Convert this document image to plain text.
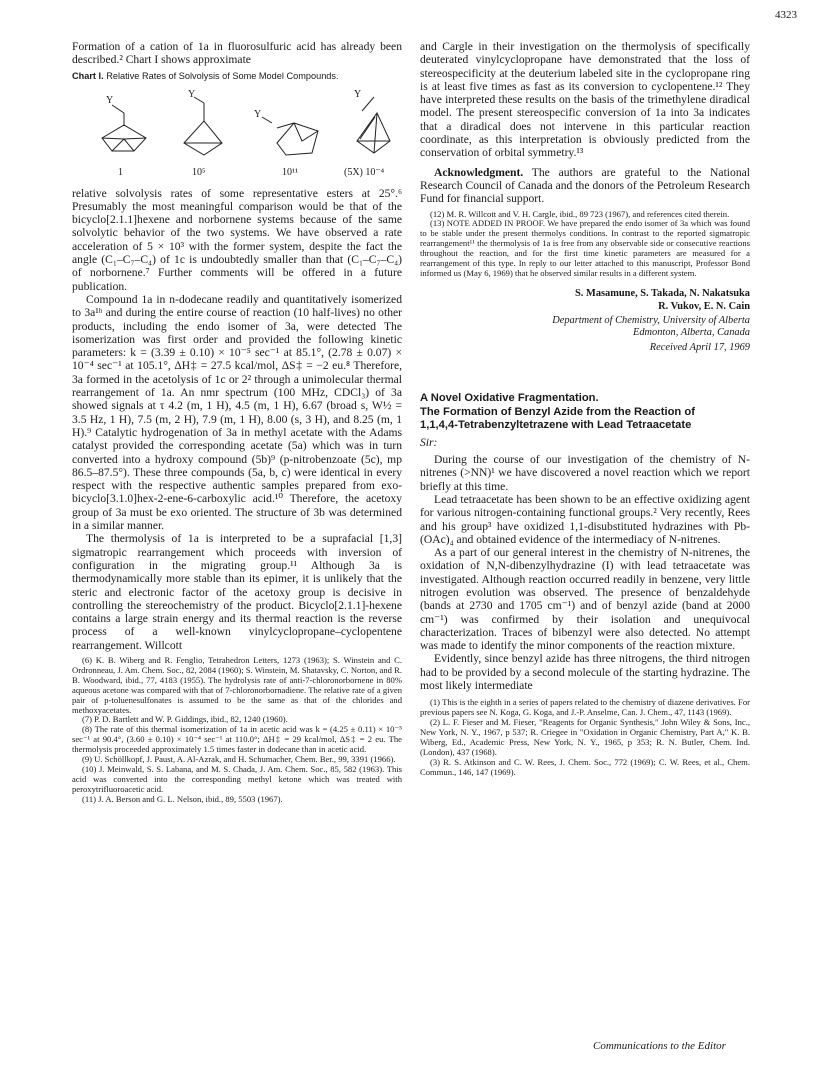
4323

Formation of a cation of 1a in fluorosulfuric acid has already been described.² Chart I shows approximate

Chart I. Relative Rates of Solvolysis of Some Model Compounds.

Y
Y
Y
Y
1	10⁵	10¹¹	(5X) 10⁻⁴

relative solvolysis rates of some representative esters at 25°.⁶ Presumably the most meaningful comparison would be that of the bicyclo[2.1.1]hexene and norbornene systems because of the same solvolytic behavior of the two systems. We have observed a rate acceleration of 5 × 10³ with the former system, despite the fact the angle (C₁–C₇–C₄) of 1c is undoubtedly smaller than that (C₁–C₇–C₄) of norbornene.⁷ Further comments will be offered in a future publication.

Compound 1a in n-dodecane readily and quantitatively isomerized to 3a¹ᵇ and during the entire course of reaction (10 half-lives) no other products, including the endo isomer of 3a, were detected The isomerization was first order and provided the following kinetic parameters: k = (3.39 ± 0.10) × 10⁻⁵ sec⁻¹ at 85.1°, (2.78 ± 0.07) × 10⁻⁴ sec⁻¹ at 105.1°, ΔH‡ = 27.5 kcal/mol, ΔS‡ = −2 eu.⁸ Therefore, 3a formed in the acetolysis of 1c or 2² through a unimolecular thermal rearrangement of 1a. An nmr spectrum (100 MHz, CDCl₃) of 3a showed signals at τ 4.2 (m, 1 H), 4.5 (m, 1 H), 6.67 (broad s, W½ = 3.5 Hz, 1 H), 7.5 (m, 2 H), 7.9 (m, 1 H), 8.00 (s, 3 H), and 8.25 (m, 1 H).⁹ Catalytic hydrogenation of 3a in methyl acetate with the Adams catalyst provided the corresponding acetate (5a) which was in turn converted into a hydroxy compound (5b)⁹ (p-nitrobenzoate (5c), mp 86.5–87.5°). These three compounds (5a, b, c) were identical in every respect with the respective authentic samples prepared from exo-bicyclo[3.1.0]hex-2-ene-6-carboxylic acid.¹⁰ Therefore, the acetoxy group of 3a must be exo oriented. The structure of 3b was determined in a similar manner.

The thermolysis of 1a is interpreted to be a suprafacial [1,3] sigmatropic rearrangement which proceeds with inversion of configuration in the migrating group.¹¹ Although 3a is thermodynamically more stable than its epimer, it is unlikely that the steric and electronic factor of the acetoxy group is decisive in controlling the stereochemistry of the product. Bicyclo[2.1.1]-hexene contains a large strain energy and its thermal reaction is the reverse process of a well-known vinylcyclopropane–cyclopentene rearrangement. Willcott

(6) K. B. Wiberg and R. Fenglio, Tetrahedron Letters, 1273 (1963); S. Winstein and C. Ordronneau, J. Am. Chem. Soc., 82, 2084 (1960); S. Winstein, M. Shatavsky, C. Norton, and R. B. Woodward, ibid., 77, 4183 (1955). The hydrolysis rate of anti-7-chloronorbornene in 80% aqueous acetone was compared with that of 7-chloronorbornadiene. The relative rate of a given pair of p-toluenesulfonates is assumed to be the same as that of the chlorides and methoxyacetates.

(7) P. D. Bartlett and W. P. Giddings, ibid., 82, 1240 (1960).

(8) The rate of this thermal isomerization of 1a in acetic acid was k = (4.25 ± 0.11) × 10⁻⁵ sec⁻¹ at 90.4°, (3.60 ± 0.10) × 10⁻⁴ sec⁻¹ at 110.0°; ΔH‡ = 29 kcal/mol, ΔS‡ = 2 eu. The thermolysis proceeded approximately 1.5 times faster in dodecane than in acetic acid.

(9) U. Schöllkopf, J. Paust, A. Al-Azrak, and H. Schumacher, Chem. Ber., 99, 3391 (1966).

(10) J. Meinwald, S. S. Labana, and M. S. Chada, J. Am. Chem. Soc., 85, 582 (1963). This acid was converted into the corresponding methyl ketone which was treated with peroxytrifluoroacetic acid.

(11) J. A. Berson and G. L. Nelson, ibid., 89, 5503 (1967).

and Cargle in their investigation on the thermolysis of specifically deuterated vinylcyclopropane have demonstrated that the loss of stereospecificity at the deuterium labeled site in the cyclopropane ring is at least five times as fast as its conversion to cyclopentene.¹² They have interpreted these results on the basis of the trimethylene diradical model. The present stereospecific conversion of 1a into 3a indicates that a diradical does not intervene in this particular reaction coordinate, as this interpretation is obviously predicted from the conservation of orbital symmetry.¹³

Acknowledgment. The authors are grateful to the National Research Council of Canada and the donors of the Petroleum Research Fund for financial support.

(12) M. R. Willcott and V. H. Cargle, ibid., 89 723 (1967), and references cited therein.

(13) NOTE ADDED IN PROOF. We have prepared the endo isomer of 3a which was found to be stable under the present thermolys conditions. In contrast to the reported sigmatropic rearrangement¹¹ the thermolysis of 1a is free from any observable side or consecutive reactions throughout the reaction, and for the first time kinetic parameters are measured for a rearrangement of this type. In reply to our letter attached to this manuscript, Professor Bond informed us (May 6, 1969) that he observed similar results in a different system.

S. Masamune, S. Takada, N. Nakatsuka

R. Vukov, E. N. Cain

Department of Chemistry, University of Alberta

Edmonton, Alberta, Canada

Received April 17, 1969

A Novel Oxidative Fragmentation.

The Formation of Benzyl Azide from the Reaction of

1,1,4,4-Tetrabenzyltetrazene with Lead Tetraacetate

Sir:

During the course of our investigation of the chemistry of N-nitrenes (>NN)¹ we have discovered a novel reaction which we report briefly at this time.

Lead tetraacetate has been shown to be an effective oxidizing agent for various nitrogen-containing functional groups.² Very recently, Rees and his group³ have oxidized 1,1-disubstituted hydrazines with Pb-(OAc)₄ and obtained evidence of the intermediacy of N-nitrenes.

As a part of our general interest in the chemistry of N-nitrenes, the oxidation of N,N-dibenzylhydrazine (I) with lead tetraacetate was investigated. Although reaction occurred readily in benzene, very little nitrogen evolution was observed. The presence of benzaldehyde (bands at 2730 and 1705 cm⁻¹) and of benzyl azide (band at 2000 cm⁻¹) was confirmed by their isolation and unequivocal characterization. Traces of bibenzyl were also detected. No attempt was made to identify the minor components of the reaction mixture.

Evidently, since benzyl azide has three nitrogens, the third nitrogen had to be provided by a second molecule of the starting hydrazine. The most likely intermediate

(1) This is the eighth in a series of papers related to the chemistry of diazene derivatives. For previous papers see N. Koga, G. Koga, and J.-P. Anselme, Can. J. Chem., 47, 1143 (1969).

(2) L. F. Fieser and M. Fieser, "Reagents for Organic Synthesis," John Wiley & Sons, Inc., New York, N. Y., 1967, p 537; R. Criegee in "Oxidation in Organic Chemistry, Part A," K. B. Wiberg, Ed., Academic Press, New York, N. Y., 1965, p 353; R. N. Butler, Chem. Ind. (London), 437 (1968).

(3) R. S. Atkinson and C. W. Rees, J. Chem. Soc., 772 (1969); C. W. Rees, et al., Chem. Commun., 146, 147 (1969).

Communications to the Editor
